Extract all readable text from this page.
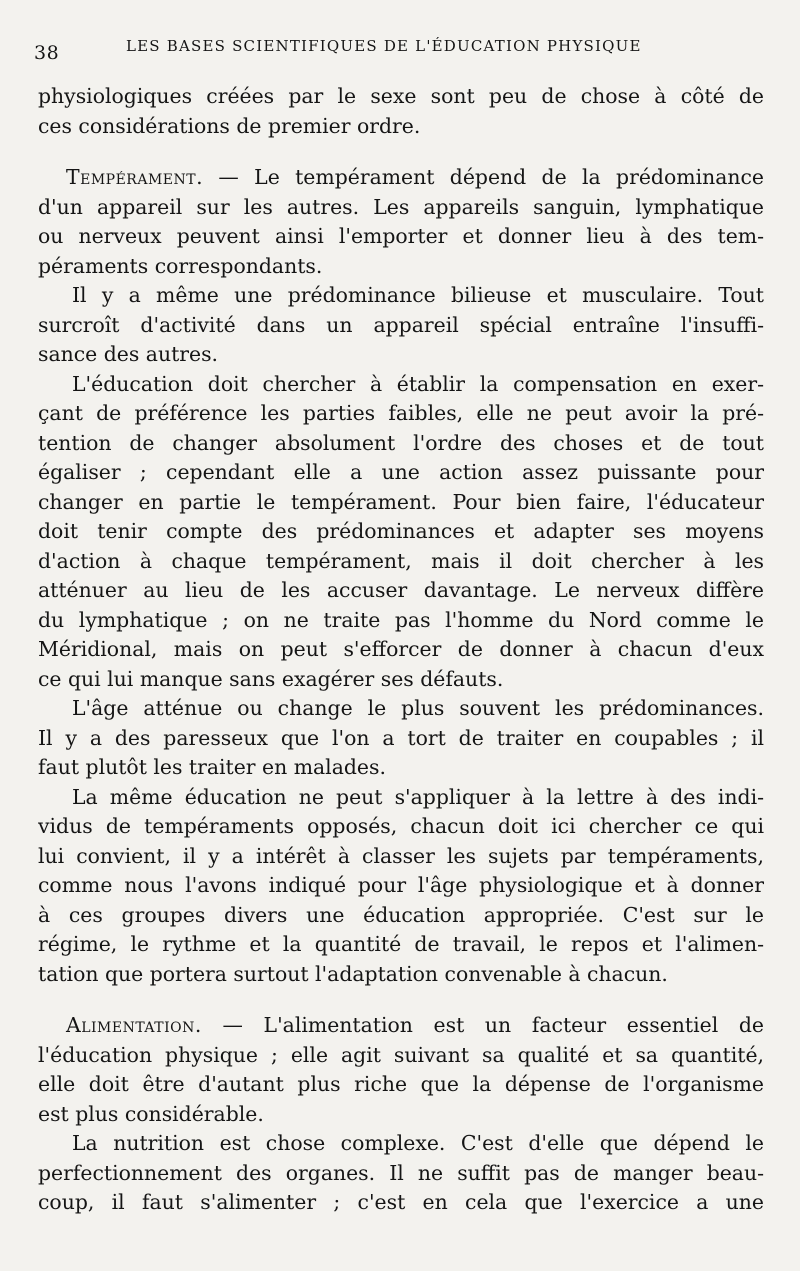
38	LES BASES SCIENTIFIQUES DE L'ÉDUCATION PHYSIQUE
physiologiques créées par le sexe sont peu de chose à côté de
ces considérations de premier ordre.
Tempérament. — Le tempérament dépend de la prédominance
d'un appareil sur les autres. Les appareils sanguin, lymphatique
ou nerveux peuvent ainsi l'emporter et donner lieu à des tem-
péraments correspondants.
Il y a même une prédominance bilieuse et musculaire. Tout
surcroît d'activité dans un appareil spécial entraîne l'insuffi-
sance des autres.
L'éducation doit chercher à établir la compensation en exer-
çant de préférence les parties faibles, elle ne peut avoir la pré-
tention de changer absolument l'ordre des choses et de tout
égaliser ; cependant elle a une action assez puissante pour
changer en partie le tempérament. Pour bien faire, l'éducateur
doit tenir compte des prédominances et adapter ses moyens
d'action à chaque tempérament, mais il doit chercher à les
atténuer au lieu de les accuser davantage. Le nerveux diffère
du lymphatique ; on ne traite pas l'homme du Nord comme le
Méridional, mais on peut s'efforcer de donner à chacun d'eux
ce qui lui manque sans exagérer ses défauts.
L'âge atténue ou change le plus souvent les prédominances.
Il y a des paresseux que l'on a tort de traiter en coupables ; il
faut plutôt les traiter en malades.
La même éducation ne peut s'appliquer à la lettre à des indi-
vidus de tempéraments opposés, chacun doit ici chercher ce qui
lui convient, il y a intérêt à classer les sujets par tempéraments,
comme nous l'avons indiqué pour l'âge physiologique et à donner
à ces groupes divers une éducation appropriée. C'est sur le
régime, le rythme et la quantité de travail, le repos et l'alimen-
tation que portera surtout l'adaptation convenable à chacun.
Alimentation. — L'alimentation est un facteur essentiel de
l'éducation physique ; elle agit suivant sa qualité et sa quantité,
elle doit être d'autant plus riche que la dépense de l'organisme
est plus considérable.
La nutrition est chose complexe. C'est d'elle que dépend le
perfectionnement des organes. Il ne suffit pas de manger beau-
coup, il faut s'alimenter ; c'est en cela que l'exercice a une
